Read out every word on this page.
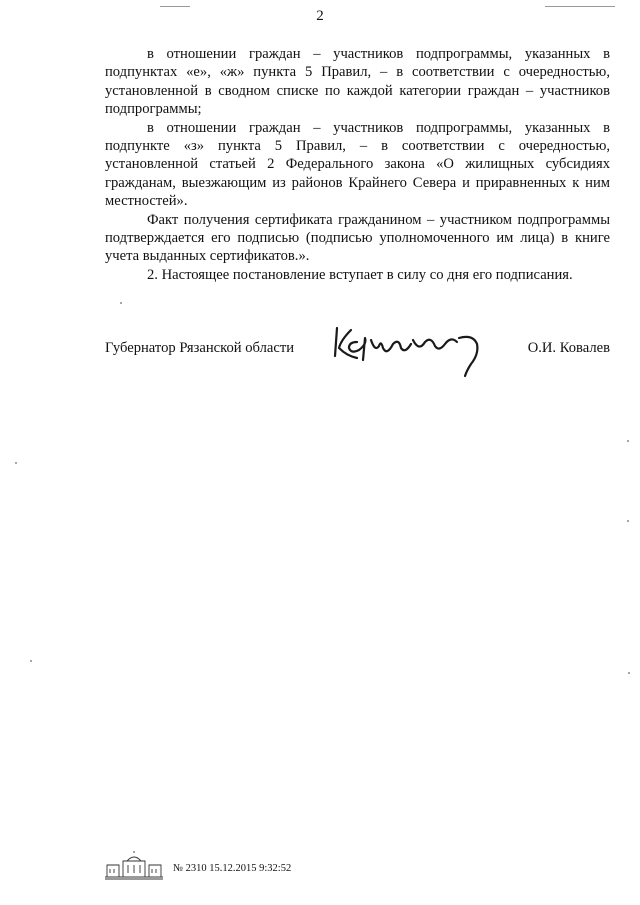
2

в отношении граждан – участников подпрограммы, указанных в подпунктах «е», «ж» пункта 5 Правил, – в соответствии с очередностью, установленной в сводном списке по каждой категории граждан – участников подпрограммы;

в отношении граждан – участников подпрограммы, указанных в подпункте «з» пункта 5 Правил, – в соответствии с очередностью, установленной статьей 2 Федерального закона «О жилищных субсидиях гражданам, выезжающим из районов Крайнего Севера и приравненных к ним местностей».

Факт получения сертификата гражданином – участником подпрограммы подтверждается его подписью (подписью уполномоченного им лица) в книге учета выданных сертификатов.».

2. Настоящее постановление вступает в силу со дня его подписания.

Губернатор Рязанской области	О.И. Ковалев
№ 2310 15.12.2015 9:32:52
